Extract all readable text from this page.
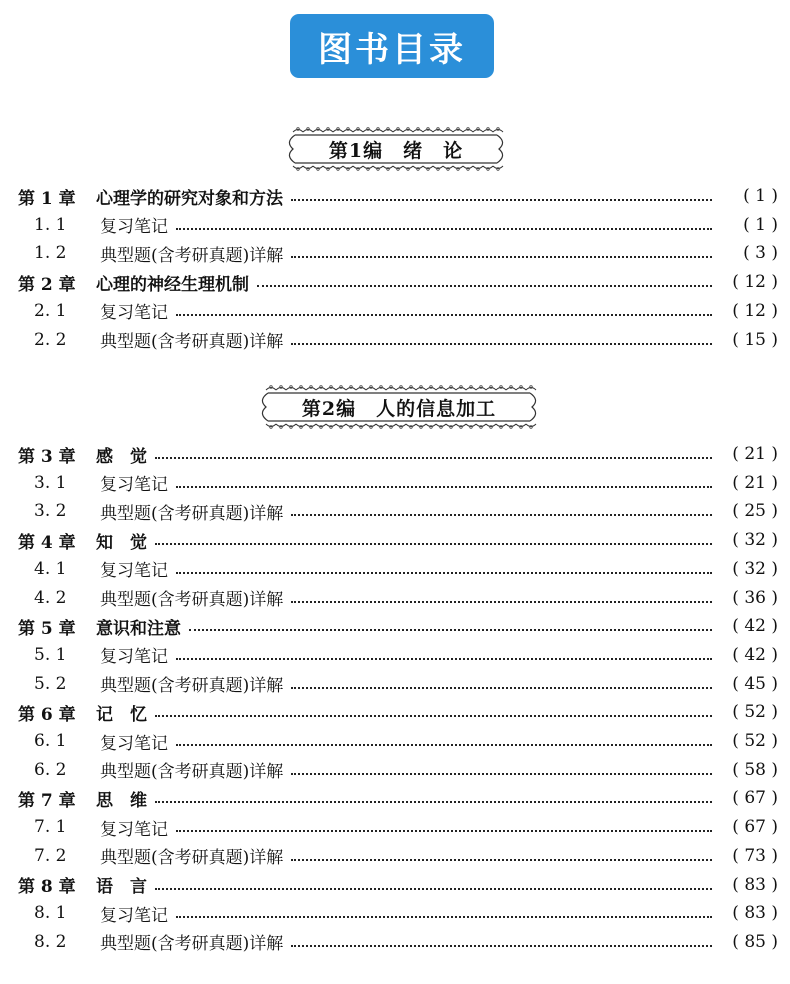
图书目录
第1编　绪　论
第 1 章	心理学的研究对象和方法	( 1 )
1. 1	复习笔记	( 1 )
1. 2	典型题(含考研真题)详解	( 3 )
第 2 章	心理的神经生理机制	( 12 )
2. 1	复习笔记	( 12 )
2. 2	典型题(含考研真题)详解	( 15 )
第2编　人的信息加工
第 3 章	感　觉	( 21 )
3. 1	复习笔记	( 21 )
3. 2	典型题(含考研真题)详解	( 25 )
第 4 章	知　觉	( 32 )
4. 1	复习笔记	( 32 )
4. 2	典型题(含考研真题)详解	( 36 )
第 5 章	意识和注意	( 42 )
5. 1	复习笔记	( 42 )
5. 2	典型题(含考研真题)详解	( 45 )
第 6 章	记　忆	( 52 )
6. 1	复习笔记	( 52 )
6. 2	典型题(含考研真题)详解	( 58 )
第 7 章	思　维	( 67 )
7. 1	复习笔记	( 67 )
7. 2	典型题(含考研真题)详解	( 73 )
第 8 章	语　言	( 83 )
8. 1	复习笔记	( 83 )
8. 2	典型题(含考研真题)详解	( 85 )
